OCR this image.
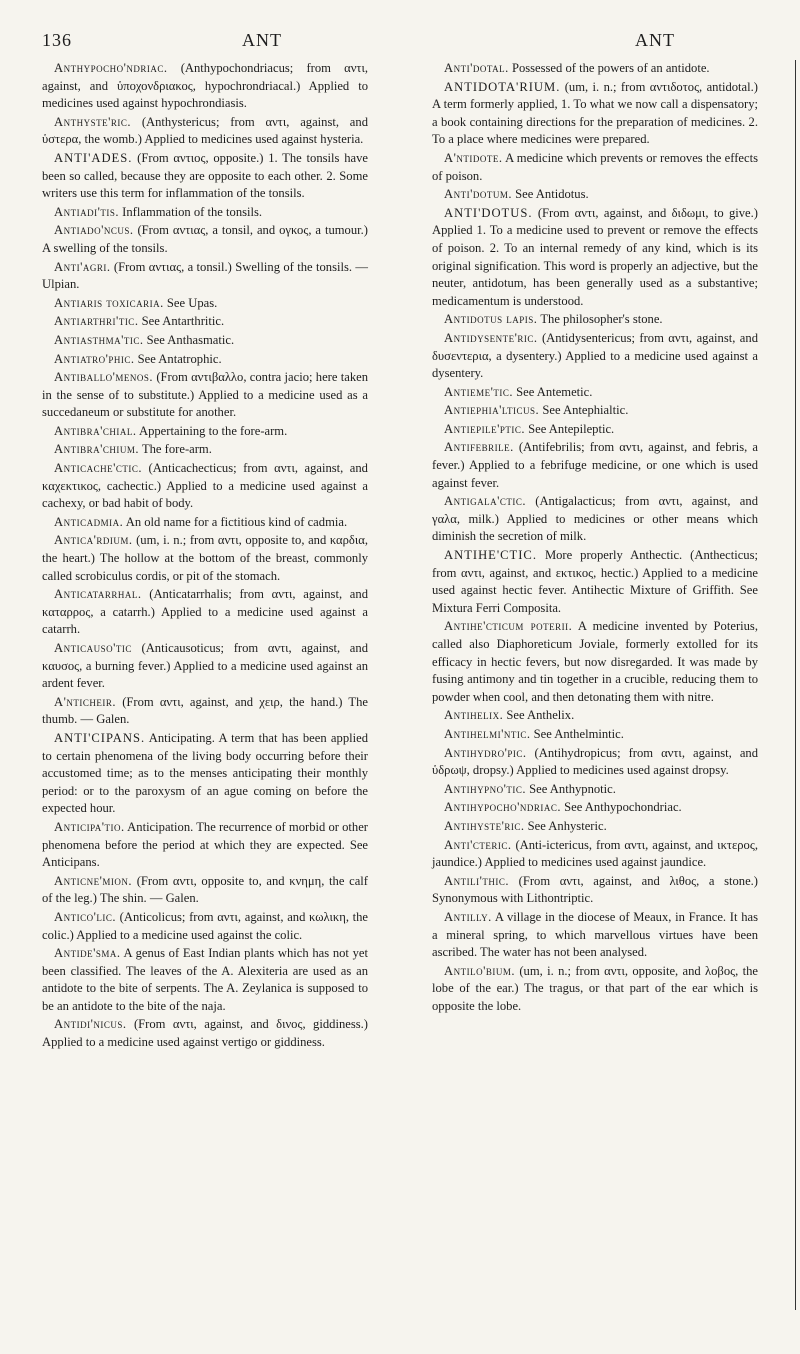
136	ANT	ANT

Anthypocho'ndriac. (Anthypochondriacus; from αντι, against, and ὑποχονδριακος, hypochrondriacal.) Applied to medicines used against hypochrondiasis.

Anthyste'ric. (Anthystericus; from αντι, against, and ὑστερα, the womb.) Applied to medicines used against hysteria.

ANTI'ADES. (From αντιος, opposite.) 1. The tonsils have been so called, because they are opposite to each other. 2. Some writers use this term for inflammation of the tonsils.

Antiadi'tis. Inflammation of the tonsils.

Antiado'ncus. (From αντιας, a tonsil, and ογκος, a tumour.) A swelling of the tonsils.

Anti'agri. (From αντιας, a tonsil.) Swelling of the tonsils. — Ulpian.

Antiaris toxicaria. See Upas.

Antiarthri'tic. See Antarthritic.

Antiasthma'tic. See Anthasmatic.

Antiatro'phic. See Antatrophic.

Antiballo'menos. (From αντιβαλλο, contra jacio; here taken in the sense of to substitute.) Applied to a medicine used as a succedaneum or substitute for another.

Antibra'chial. Appertaining to the fore-arm.

Antibra'chium. The fore-arm.

Anticache'ctic. (Anticachecticus; from αντι, against, and καχεκτικος, cachectic.) Applied to a medicine used against a cachexy, or bad habit of body.

Anticadmia. An old name for a fictitious kind of cadmia.

Antica'rdium. (um, i. n.; from αντι, opposite to, and καρδια, the heart.) The hollow at the bottom of the breast, commonly called scrobiculus cordis, or pit of the stomach.

Anticatarrhal. (Anticatarrhalis; from αντι, against, and καταρρος, a catarrh.) Applied to a medicine used against a catarrh.

Anticauso'tic (Anticausoticus; from αντι, against, and καυσος, a burning fever.) Applied to a medicine used against an ardent fever.

A'ntichеir. (From αντι, against, and χειρ, the hand.) The thumb. — Galen.

ANTI'CIPANS. Anticipating. A term that has been applied to certain phenomena of the living body occurring before their accustomed time; as to the menses anticipating their monthly period: or to the paroxysm of an ague coming on before the expected hour.

Anticipa'tio. Anticipation. The recurrence of morbid or other phenomena before the period at which they are expected. See Anticipans.

Anticne'mion. (From αντι, opposite to, and κνημη, the calf of the leg.) The shin. — Galen.

Antico'lic. (Anticolicus; from αντι, against, and κωλικη, the colic.) Applied to a medicine used against the colic.

Antide'sma. A genus of East Indian plants which has not yet been classified. The leaves of the A. Alexiteria are used as an antidote to the bite of serpents. The A. Zeylanica is supposed to be an antidote to the bite of the naja.

Antidi'nicus. (From αντι, against, and δινος, giddiness.) Applied to a medicine used against vertigo or giddiness.

Anti'dotal. Possessed of the powers of an antidote.

ANTIDOTA'RIUM. (um, i. n.; from αντιδοτος, antidotal.) A term formerly applied, 1. To what we now call a dispensatory; a book containing directions for the preparation of medicines. 2. To a place where medicines were prepared.

A'ntidote. A medicine which prevents or removes the effects of poison.

Anti'dotum. See Antidotus.

ANTI'DOTUS. (From αντι, against, and διδωμι, to give.) Applied 1. To a medicine used to prevent or remove the effects of poison. 2. To an internal remedy of any kind, which is its original signification. This word is properly an adjective, but the neuter, antidotum, has been generally used as a substantive; medicamentum is understood.

Antidotus lapis. The philosopher's stone.

Antidysente'ric. (Antidysentericus; from αντι, against, and δυσεντερια, a dysentery.) Applied to a medicine used against a dysentery.

Antieme'tic. See Antemetic.

Antiephia'lticus. See Antephialtic.

Antiepile'ptic. See Antepileptic.

Antifebrile. (Antifebrilis; from αντι, against, and febris, a fever.) Applied to a febrifuge medicine, or one which is used against fever.

Antigala'ctic. (Antigalacticus; from αντι, against, and γαλα, milk.) Applied to medicines or other means which diminish the secretion of milk.

ANTIHE'CTIC. More properly Anthectic. (Anthecticus; from αντι, against, and εκτικος, hectic.) Applied to a medicine used against hectic fever. Antihectic Mixture of Griffith. See Mixtura Ferri Composita.

Antihe'cticum poterii. A medicine invented by Poterius, called also Diaphoreticum Joviale, formerly extolled for its efficacy in hectic fevers, but now disregarded. It was made by fusing antimony and tin together in a crucible, reducing them to powder when cool, and then detonating them with nitre.

Antihelix. See Anthelix.

Antihelmi'ntic. See Anthelmintic.

Antihydro'pic. (Antihydropicus; from αντι, against, and ὑδρωψ, dropsy.) Applied to medicines used against dropsy.

Antihypno'tic. See Anthypnotic.

Antihypocho'ndriac. See Anthypochondriac.

Antihyste'ric. See Anhysteric.

Anti'cteric. (Anti-ictericus, from αντι, against, and ικτερος, jaundice.) Applied to medicines used against jaundice.

Antili'thic. (From αντι, against, and λιθος, a stone.) Synonymous with Lithontriptic.

Antilly. A village in the diocese of Meaux, in France. It has a mineral spring, to which marvellous virtues have been ascribed. The water has not been analysed.

Antilo'bium. (um, i. n.; from αντι, opposite, and λοβος, the lobe of the ear.) The tragus, or that part of the ear which is opposite the lobe.
